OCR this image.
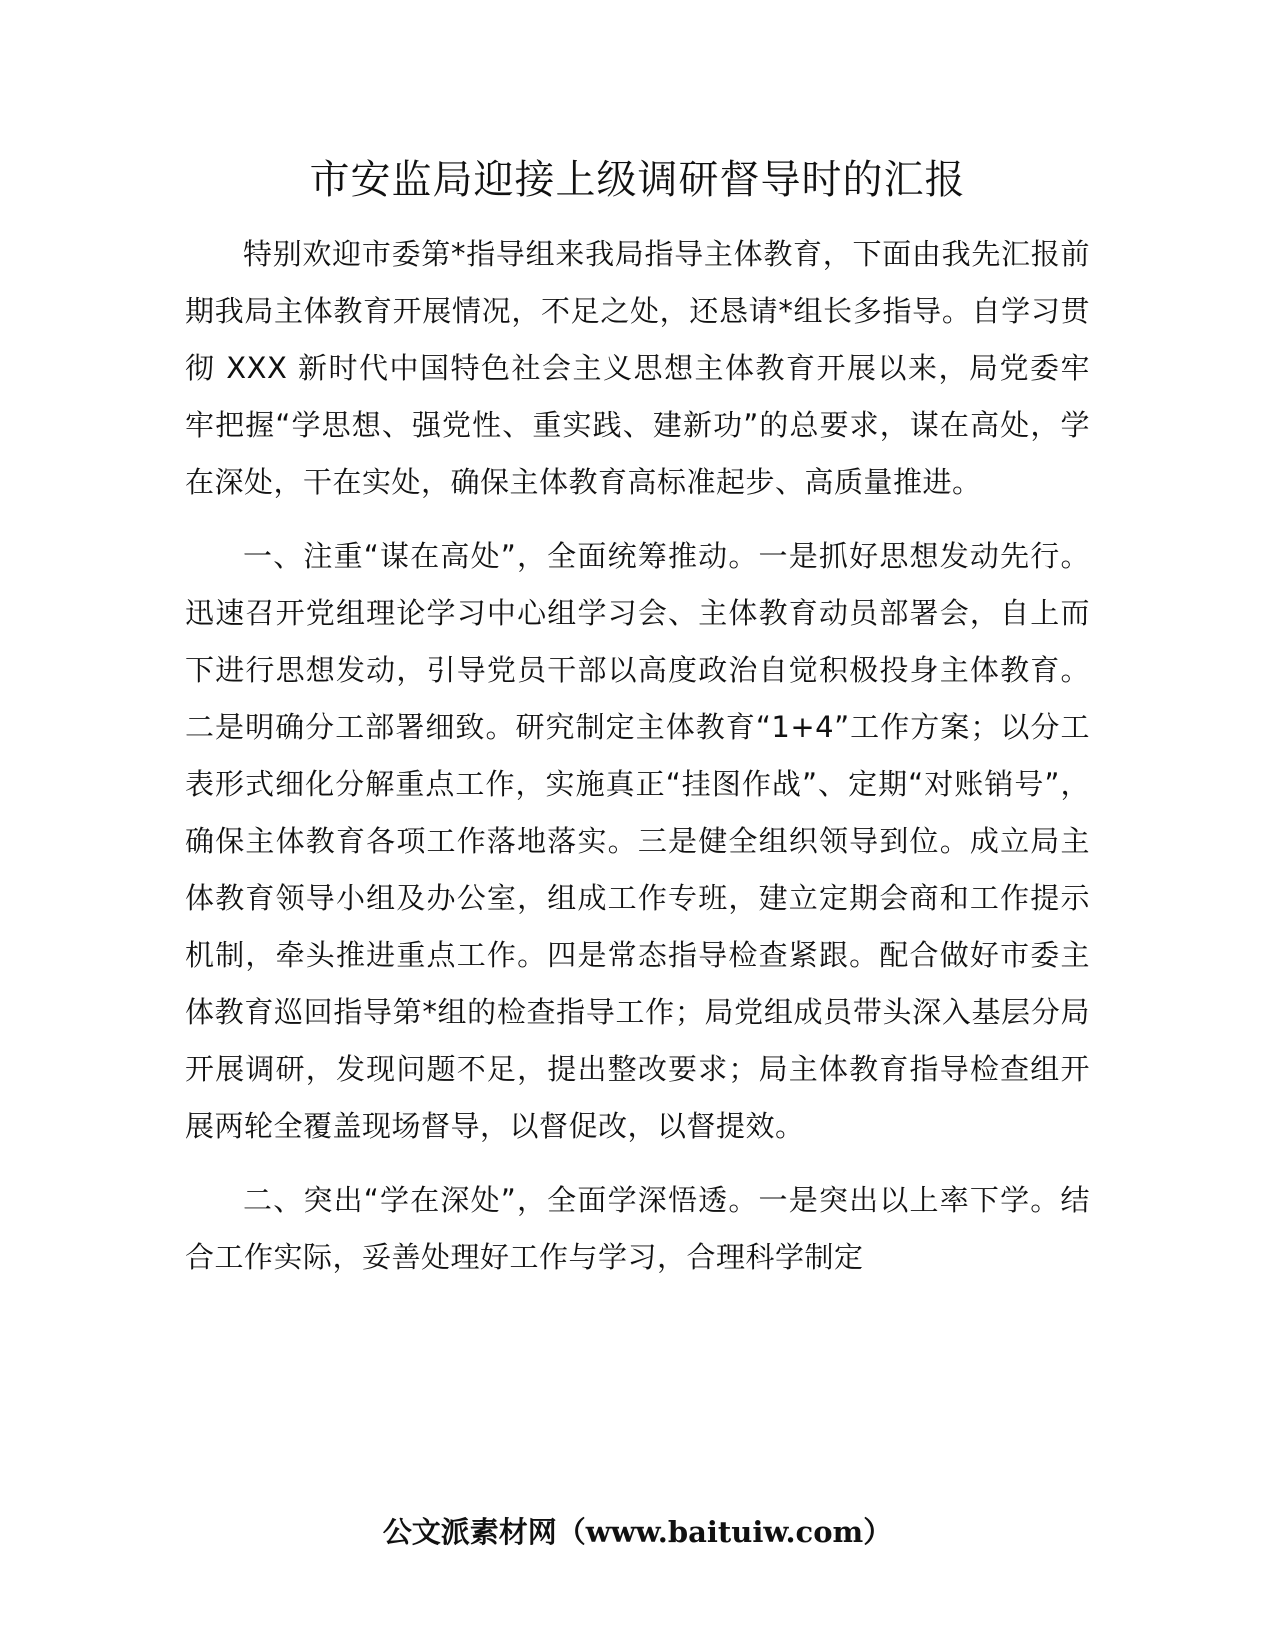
市安监局迎接上级调研督导时的汇报

特别欢迎市委第*指导组来我局指导主体教育，下面由我先汇报前期我局主体教育开展情况，不足之处，还恳请*组长多指导。自学习贯彻 XXX 新时代中国特色社会主义思想主体教育开展以来，局党委牢牢把握“学思想、强党性、重实践、建新功”的总要求，谋在高处，学在深处，干在实处，确保主体教育高标准起步、高质量推进。

一、注重“谋在高处”，全面统筹推动。一是抓好思想发动先行。迅速召开党组理论学习中心组学习会、主体教育动员部署会，自上而下进行思想发动，引导党员干部以高度政治自觉积极投身主体教育。二是明确分工部署细致。研究制定主体教育“1+4”工作方案；以分工表形式细化分解重点工作，实施真正“挂图作战”、定期“对账销号”，确保主体教育各项工作落地落实。三是健全组织领导到位。成立局主体教育领导小组及办公室，组成工作专班，建立定期会商和工作提示机制，牵头推进重点工作。四是常态指导检查紧跟。配合做好市委主体教育巡回指导第*组的检查指导工作；局党组成员带头深入基层分局开展调研，发现问题不足，提出整改要求；局主体教育指导检查组开展两轮全覆盖现场督导，以督促改，以督提效。

二、突出“学在深处”，全面学深悟透。一是突出以上率下学。结合工作实际，妥善处理好工作与学习，合理科学制定

公文派素材网（www.baituiw.com）
